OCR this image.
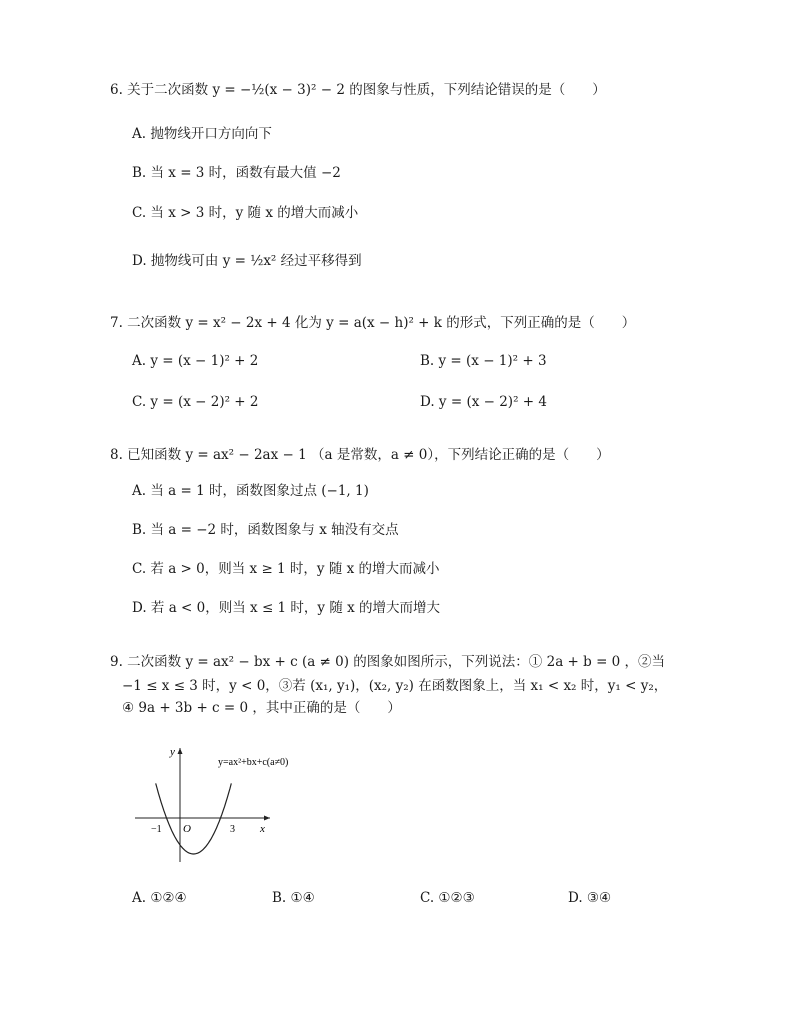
6. 关于二次函数 y = −½(x − 3)² − 2 的图象与性质，下列结论错误的是（　　）
A. 抛物线开口方向向下
B. 当 x = 3 时，函数有最大值 −2
C. 当 x > 3 时，y 随 x 的增大而减小
D. 抛物线可由 y = ½x² 经过平移得到
7. 二次函数 y = x² − 2x + 4 化为 y = a(x − h)² + k 的形式，下列正确的是（　　）
A. y = (x − 1)² + 2	B. y = (x − 1)² + 3
C. y = (x − 2)² + 2	D. y = (x − 2)² + 4
8. 已知函数 y = ax² − 2ax − 1 （a 是常数，a ≠ 0），下列结论正确的是（　　）
A. 当 a = 1 时，函数图象过点 (−1, 1)
B. 当 a = −2 时，函数图象与 x 轴没有交点
C. 若 a > 0，则当 x ≥ 1 时，y 随 x 的增大而减小
D. 若 a < 0，则当 x ≤ 1 时，y 随 x 的增大而增大
9. 二次函数 y = ax² − bx + c (a ≠ 0) 的图象如图所示，下列说法：① 2a + b = 0 ，②当
−1 ≤ x ≤ 3 时，y < 0，③若 (x₁, y₁)，(x₂, y₂) 在函数图象上，当 x₁ < x₂ 时，y₁ < y₂，
④ 9a + 3b + c = 0 ，其中正确的是（　　）
y
x
O
−1	3
y=ax²+bx+c(a≠0)
A. ①②④	B. ①④	C. ①②③	D. ③④
